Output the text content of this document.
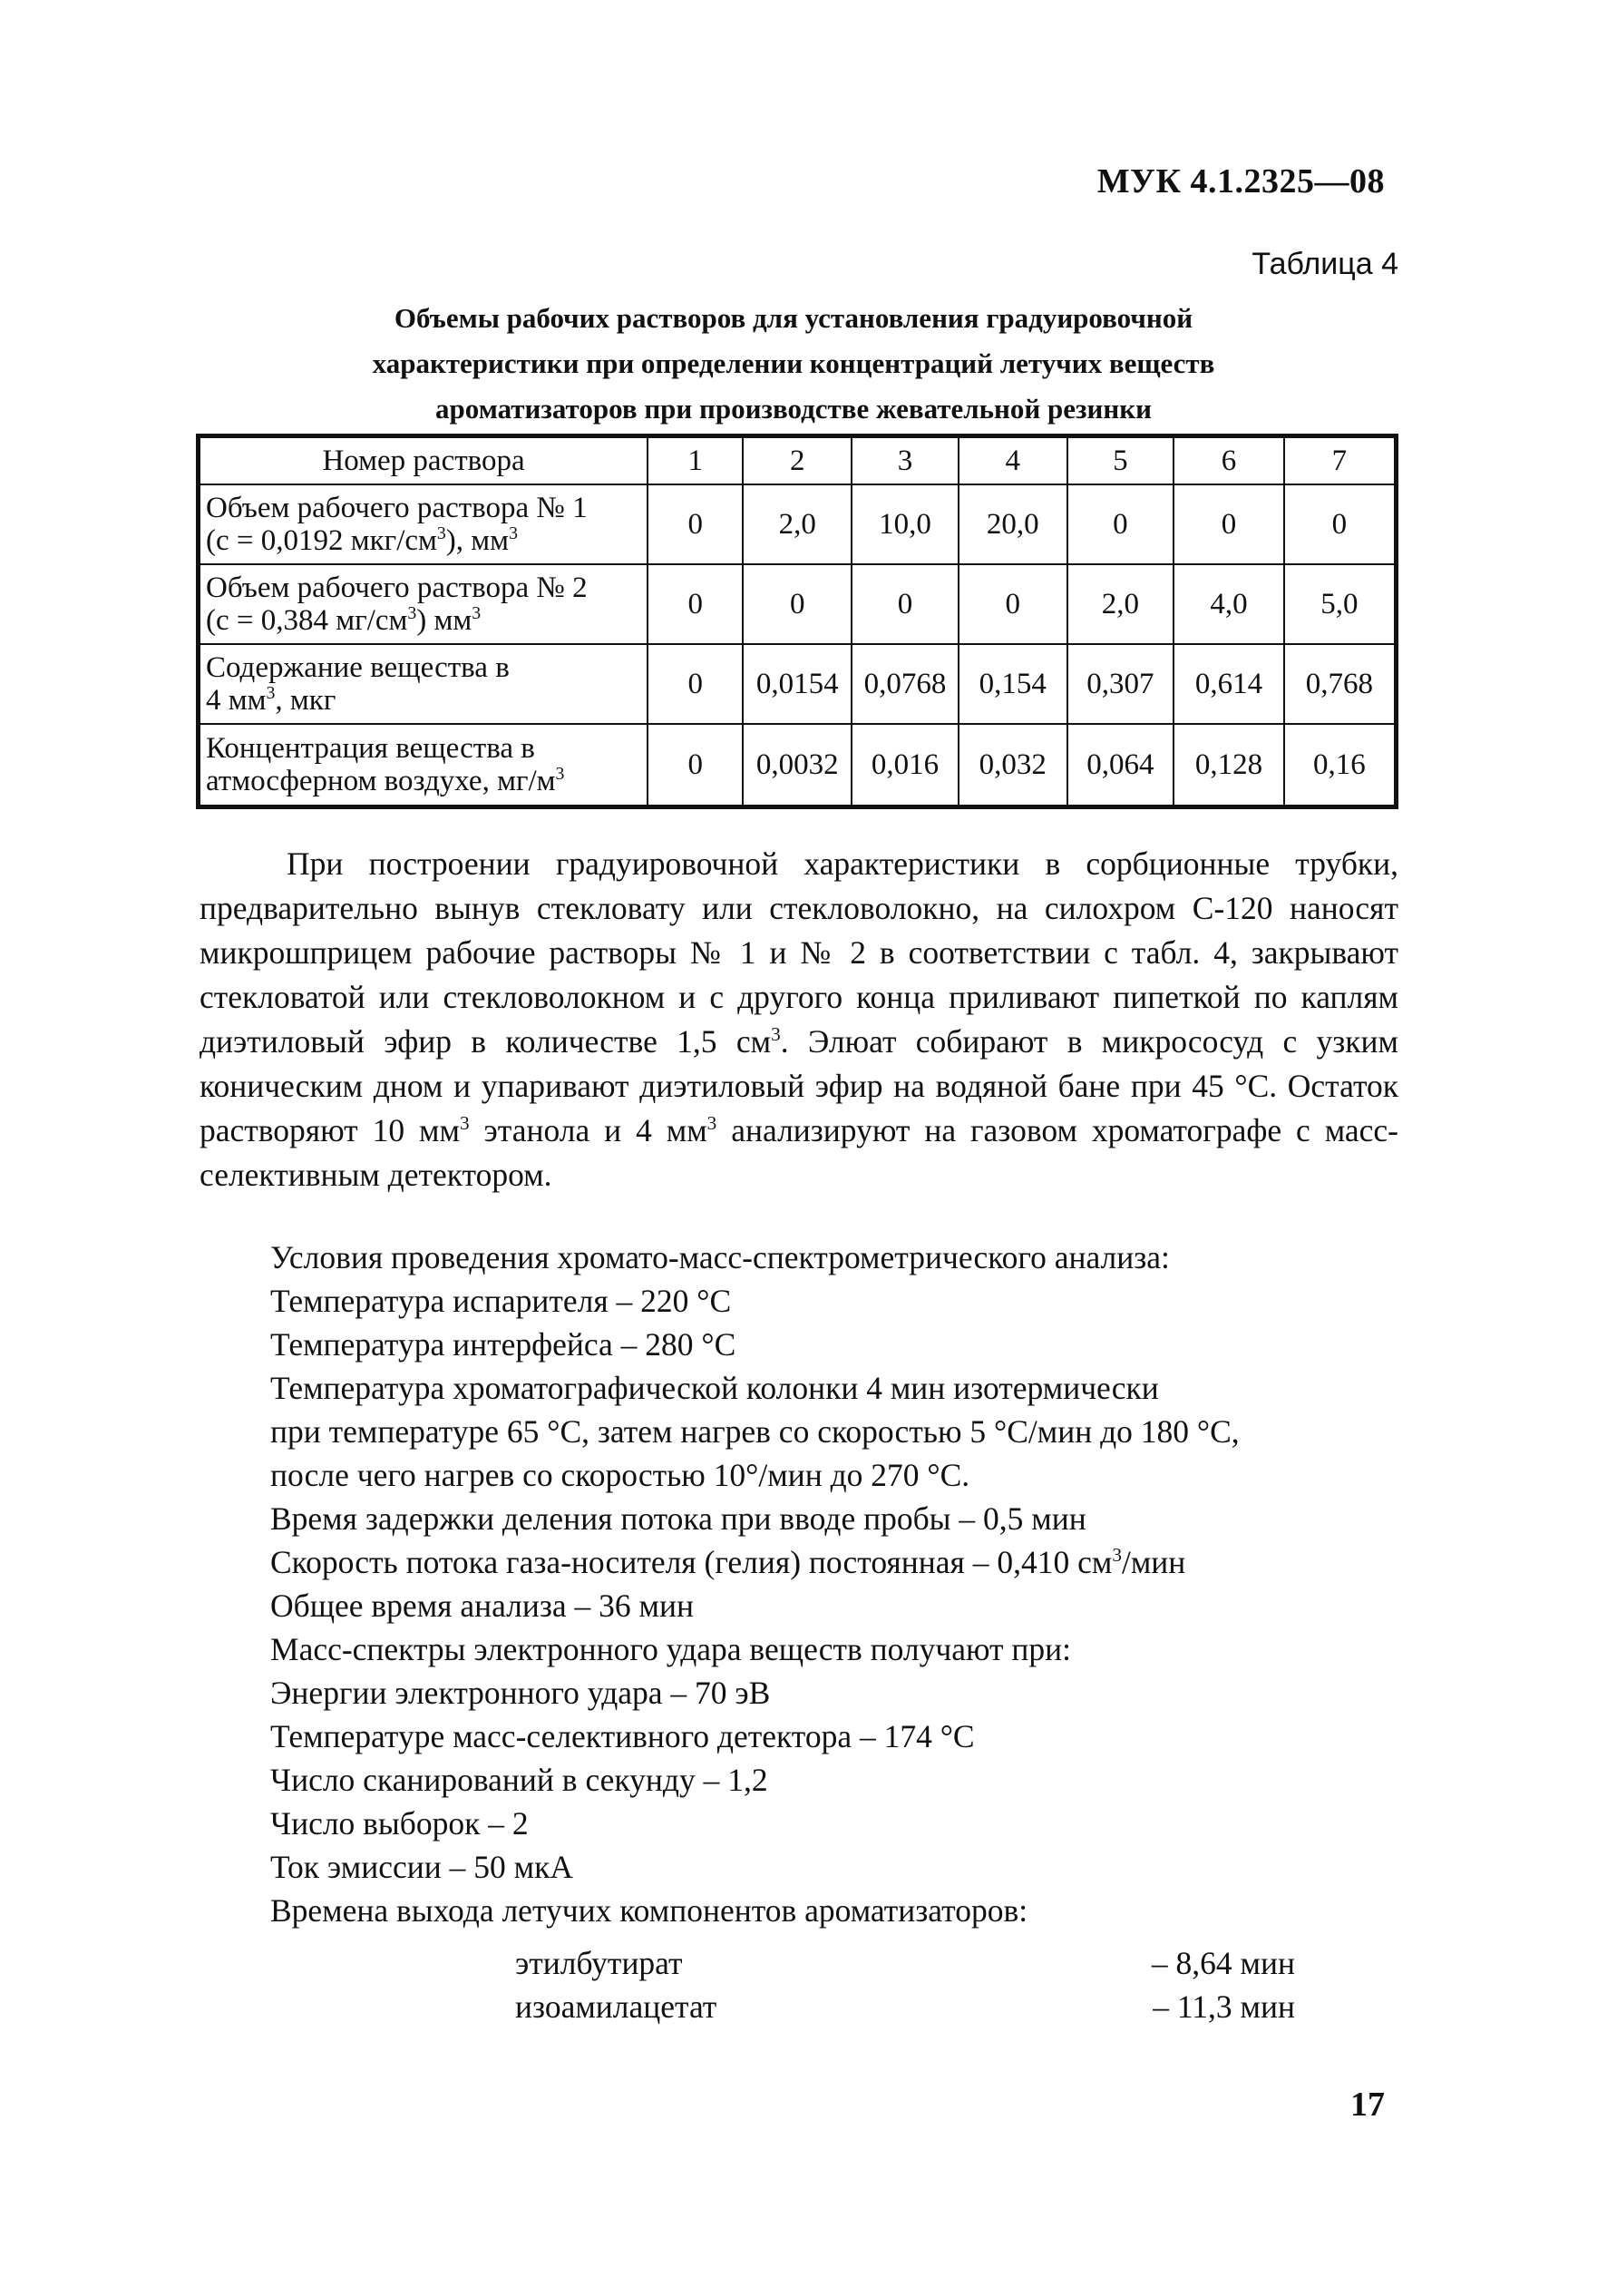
МУК 4.1.2325—08
Таблица 4
Объемы рабочих растворов для установления градуировочной
характеристики при определении концентраций летучих веществ
ароматизаторов при производстве жевательной резинки
Номер раствора	1	2	3	4	5	6	7

Объем рабочего раствора № 1
(с = 0,0192 мкг/$см^3$), $мм^3$	0	2,0	10,0	20,0	0	0	0

Объем рабочего раствора № 2
(с = 0,384 $мг/см^3$) $мм^3$	0	0	0	0	2,0	4,0	5,0

Содержание вещества в
4 $мм^3$, мкг	0	0,0154	0,0768	0,154	0,307	0,614	0,768

Концентрация вещества в
атмосферном воздухе, $мг/м^3$	0	0,0032	0,016	0,032	0,064	0,128	0,16
При построении градуировочной характеристики в сорбционные трубки, предварительно вынув стекловату или стекловолокно, на силохром С-120 наносят микрошприцем рабочие растворы № 1 и № 2 в соответствии с табл. 4, закрывают стекловатой или стекловолокном и с другого конца приливают пипеткой по каплям диэтиловый эфир в количестве 1,5 $см^3$. Элюат собирают в микрососуд с узким коническим дном и упаривают диэтиловый эфир на водяной бане при 45 °С. Остаток растворяют 10 $мм^3$ этанола и 4 $мм^3$ анализируют на газовом хроматографе с масс-селективным детектором.
Условия проведения хромато-масс-спектрометрического анализа:
Температура испарителя – 220 °С
Температура интерфейса – 280 °С
Температура хроматографической колонки 4 мин изотермически
при температуре 65 °С, затем нагрев со скоростью 5 °С/мин до 180 °С,
после чего нагрев со скоростью 10°/мин до 270 °С.
Время задержки деления потока при вводе пробы – 0,5 мин
Скорость потока газа-носителя (гелия) постоянная – 0,410 $см^3$/мин
Общее время анализа – 36 мин
Масс-спектры электронного удара веществ получают при:
Энергии электронного удара – 70 эВ
Температуре масс-селективного детектора – 174 °С
Число сканирований в секунду – 1,2
Число выборок – 2
Ток эмиссии – 50 мкА
Времена выхода летучих компонентов ароматизаторов:
этилбутират	– 8,64 мин
изоамилацетат	– 11,3 мин
17
